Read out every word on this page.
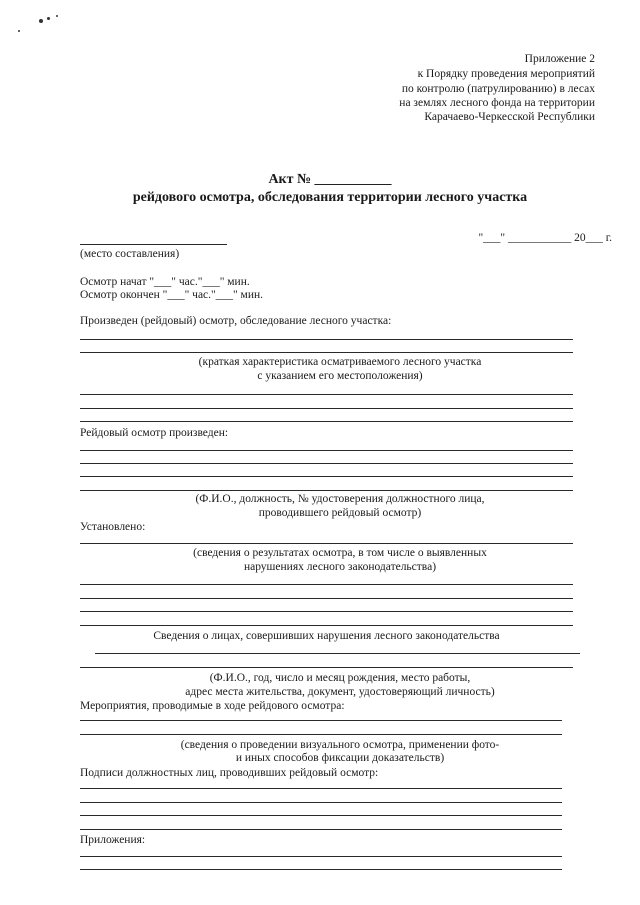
Приложение 2
к Порядку проведения мероприятий
по контролю (патрулированию) в лесах
на землях лесного фонда на территории
Карачаево-Черкесской Республики
Акт № ___________
рейдового осмотра, обследования территории лесного участка
"___" ___________ 20___ г.
(место составления)
Осмотр начат "___" час."___" мин.
Осмотр окончен "___" час."___" мин.
Произведен (рейдовый) осмотр, обследование лесного участка:
(краткая характеристика осматриваемого лесного участка
с указанием его местоположения)
Рейдовый осмотр произведен:
(Ф.И.О., должность, № удостоверения должностного лица,
проводившего рейдовый осмотр)
Установлено:
(сведения о результатах осмотра, в том числе о выявленных
нарушениях лесного законодательства)
Сведения о лицах, совершивших нарушения лесного законодательства
(Ф.И.О., год, число и месяц рождения, место работы,
адрес места жительства, документ, удостоверяющий личность)
Мероприятия, проводимые в ходе рейдового осмотра:
(сведения о проведении визуального осмотра, применении фото-
и иных способов фиксации доказательств)
Подписи должностных лиц, проводивших рейдовый осмотр:
Приложения:
